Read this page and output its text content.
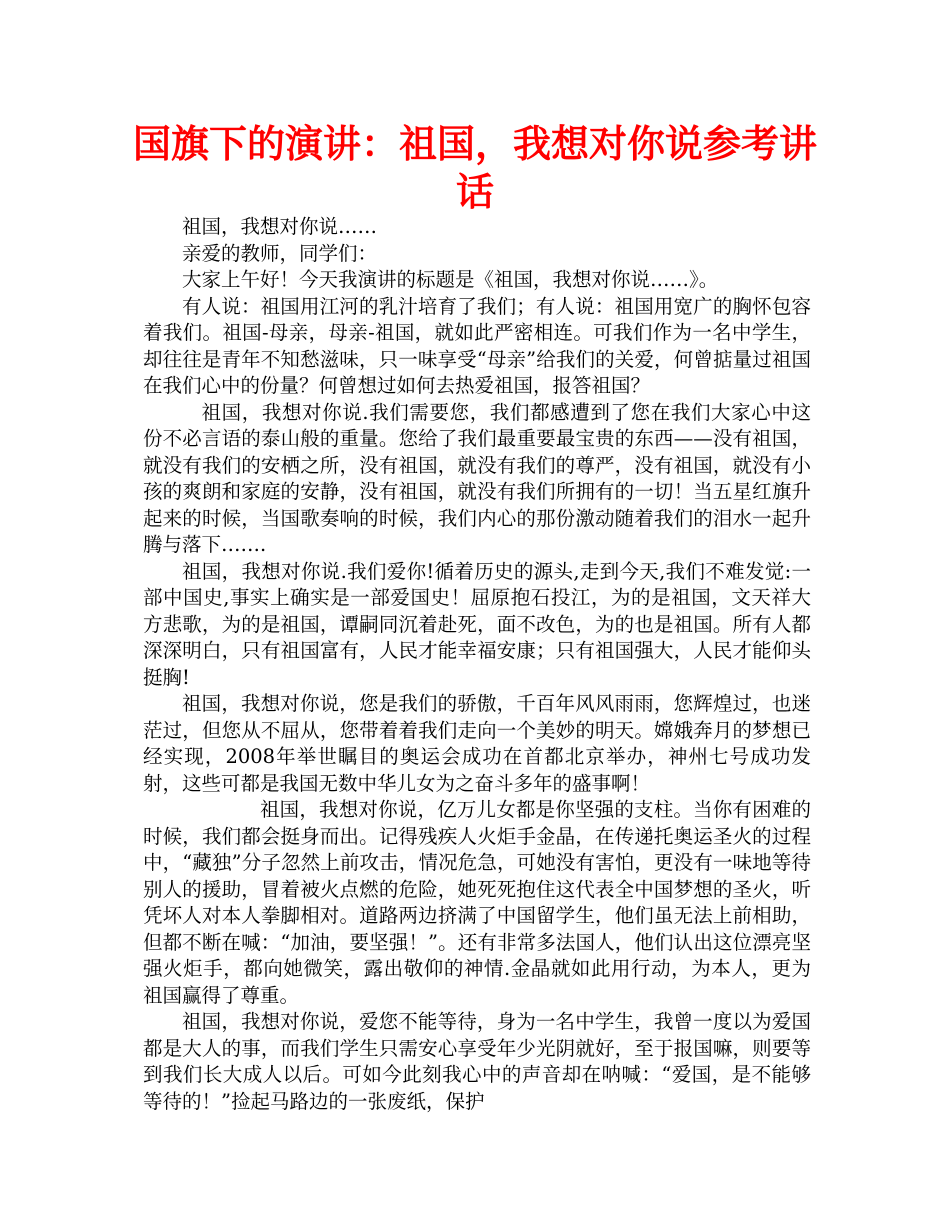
国旗下的演讲：祖国，我想对你说参考讲话

祖国，我想对你说……

亲爱的教师，同学们：

大家上午好！今天我演讲的标题是《祖国，我想对你说……》。

有人说：祖国用江河的乳汁培育了我们；有人说：祖国用宽广的胸怀包容着我们。祖国-母亲，母亲-祖国，就如此严密相连。可我们作为一名中学生，却往往是青年不知愁滋味，只一味享受“母亲”给我们的关爱，何曾掂量过祖国在我们心中的份量？何曾想过如何去热爱祖国，报答祖国？

祖国，我想对你说.我们需要您，我们都感遭到了您在我们大家心中这份不必言语的泰山般的重量。您给了我们最重要最宝贵的东西——没有祖国，就没有我们的安栖之所，没有祖国，就没有我们的尊严，没有祖国，就没有小孩的爽朗和家庭的安静，没有祖国，就没有我们所拥有的一切！当五星红旗升起来的时候，当国歌奏响的时候，我们内心的那份激动随着我们的泪水一起升腾与落下…….

祖国，我想对你说.我们爱你!循着历史的源头,走到今天,我们不难发觉:一部中国史,事实上确实是一部爱国史！屈原抱石投江，为的是祖国，文天祥大方悲歌，为的是祖国，谭嗣同沉着赴死，面不改色，为的也是祖国。所有人都深深明白，只有祖国富有，人民才能幸福安康；只有祖国强大，人民才能仰头挺胸!

祖国，我想对你说，您是我们的骄傲，千百年风风雨雨，您辉煌过，也迷茫过，但您从不屈从，您带着着我们走向一个美妙的明天。嫦娥奔月的梦想已经实现，2008年举世瞩目的奥运会成功在首都北京举办，神州七号成功发射，这些可都是我国无数中华儿女为之奋斗多年的盛事啊！

祖国，我想对你说，亿万儿女都是你坚强的支柱。当你有困难的时候，我们都会挺身而出。记得残疾人火炬手金晶，在传递托奥运圣火的过程中，“藏独”分子忽然上前攻击，情况危急，可她没有害怕，更没有一味地等待别人的援助，冒着被火点燃的危险，她死死抱住这代表全中国梦想的圣火，听凭坏人对本人拳脚相对。道路两边挤满了中国留学生，他们虽无法上前相助，但都不断在喊：“加油，要坚强！”。还有非常多法国人，他们认出这位漂亮坚强火炬手，都向她微笑，露出敬仰的神情.金晶就如此用行动，为本人，更为祖国赢得了尊重。

祖国，我想对你说，爱您不能等待，身为一名中学生，我曾一度以为爱国都是大人的事，而我们学生只需安心享受年少光阴就好，至于报国嘛，则要等到我们长大成人以后。可如今此刻我心中的声音却在呐喊：“爱国，是不能够等待的！”捡起马路边的一张废纸，保护
